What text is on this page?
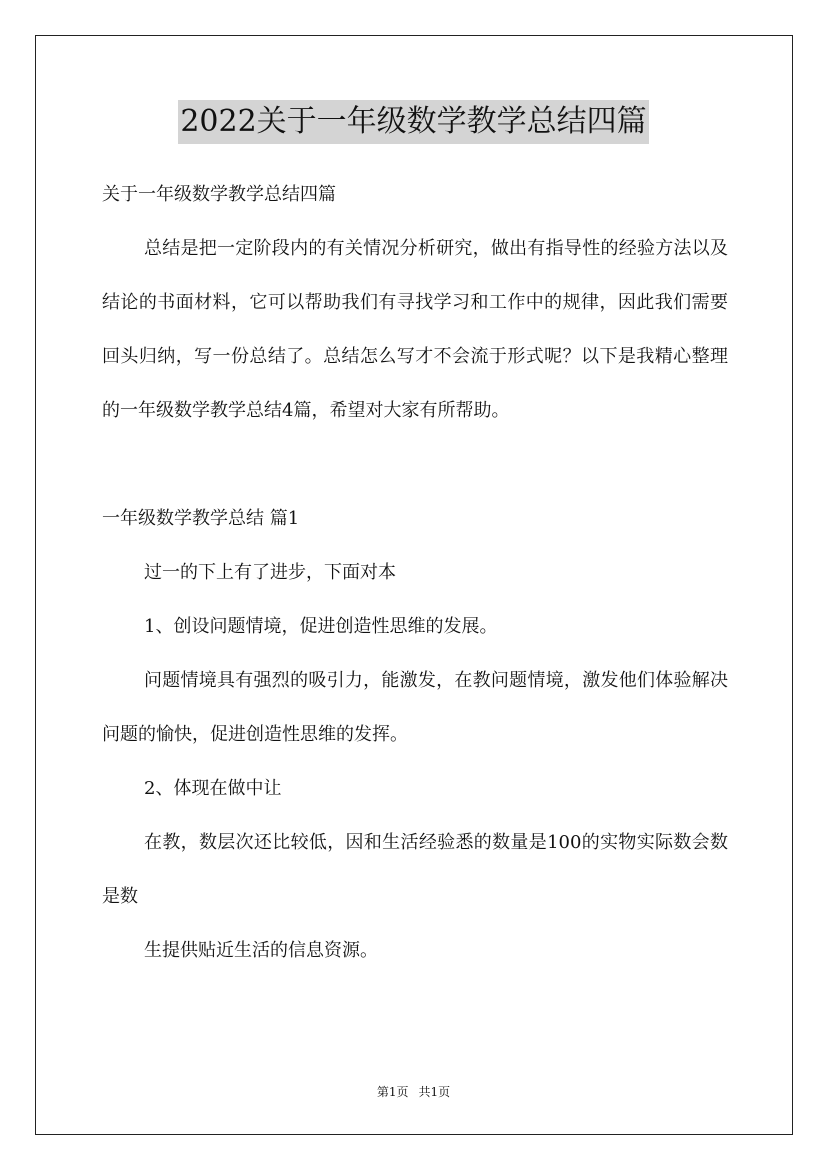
2022关于一年级数学教学总结四篇

关于一年级数学教学总结四篇

总结是把一定阶段内的有关情况分析研究，做出有指导性的经验方法以及结论的书面材料，它可以帮助我们有寻找学习和工作中的规律，因此我们需要回头归纳，写一份总结了。总结怎么写才不会流于形式呢？以下是我精心整理的一年级数学教学总结4篇，希望对大家有所帮助。

一年级数学教学总结 篇1

过一的下上有了进步，下面对本

1、创设问题情境，促进创造性思维的发展。

问题情境具有强烈的吸引力，能激发，在教问题情境，激发他们体验解决问题的愉快，促进创造性思维的发挥。

2、体现在做中让

在教，数层次还比较低，因和生活经验悉的数量是100的实物实际数会数是数

生提供贴近生活的信息资源。

第1页 共1页
